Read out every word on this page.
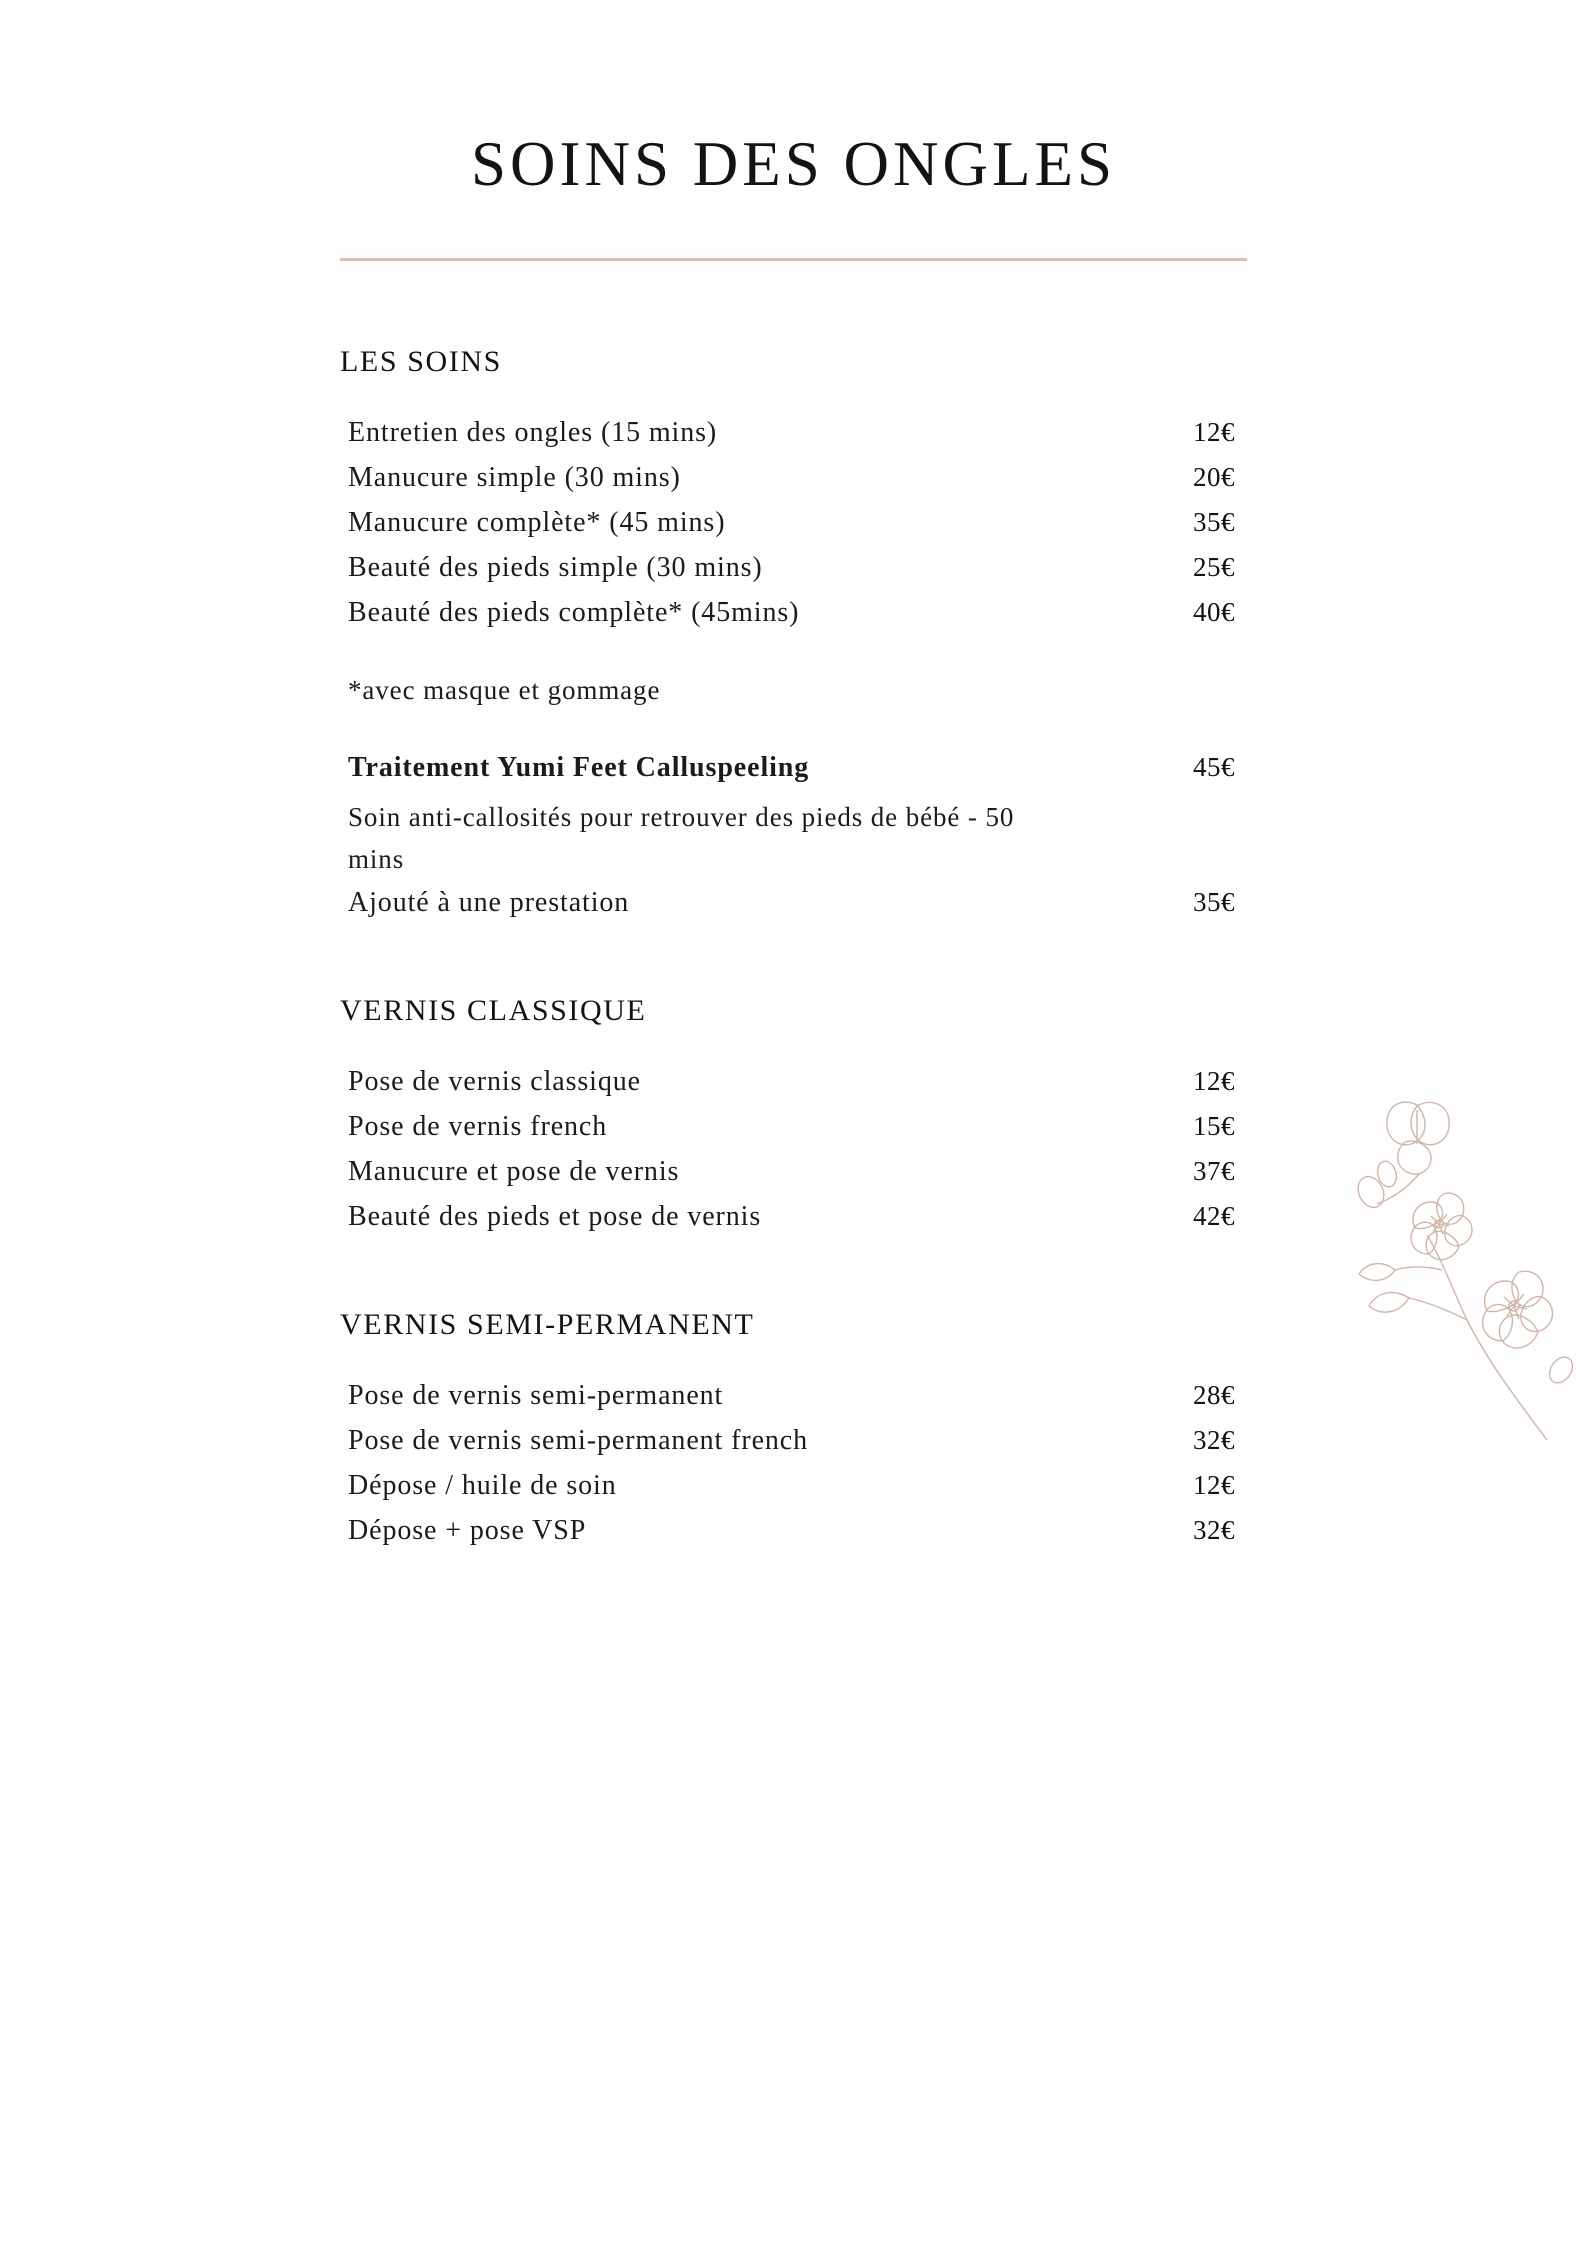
SOINS DES ONGLES
LES SOINS
Entretien des ongles (15 mins)	12€
Manucure simple (30 mins)	20€
Manucure complète* (45 mins)	35€
Beauté des pieds simple (30 mins)	25€
Beauté des pieds complète* (45mins)	40€
*avec masque et gommage
Traitement Yumi Feet Calluspeeling	45€
Soin anti-callosités pour retrouver des pieds de bébé - 50 mins
Ajouté à une prestation	35€
VERNIS CLASSIQUE
Pose de vernis classique	12€
Pose de vernis french	15€
Manucure et pose de vernis	37€
Beauté des pieds et pose de vernis	42€
VERNIS SEMI-PERMANENT
Pose de vernis semi-permanent	28€
Pose de vernis semi-permanent french	32€
Dépose / huile de soin	12€
Dépose + pose VSP	32€
